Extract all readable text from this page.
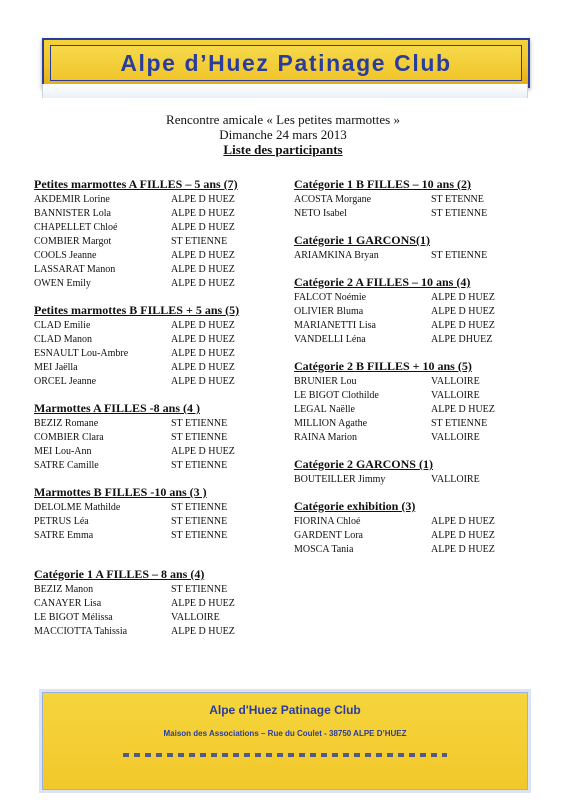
Alpe d’Huez Patinage Club
Rencontre amicale « Les petites marmottes »
Dimanche 24 mars 2013
Liste des participants
Petites marmottes A FILLES – 5 ans (7)
AKDEMIR Lorine	ALPE D HUEZ
BANNISTER Lola	ALPE D HUEZ
CHAPELLET Chloé	ALPE D HUEZ
COMBIER Margot	ST ETIENNE
COOLS Jeanne	ALPE D HUEZ
LASSARAT Manon	ALPE D HUEZ
OWEN Emily	ALPE D HUEZ
Petites marmottes B FILLES + 5 ans (5)
CLAD Emilie	ALPE D HUEZ
CLAD Manon	ALPE D HUEZ
ESNAULT Lou-Ambre	ALPE D HUEZ
MEI Jaëlla	ALPE D HUEZ
ORCEL Jeanne	ALPE D HUEZ
Marmottes A FILLES -8 ans (4 )
BEZIZ Romane	ST ETIENNE
COMBIER Clara	ST ETIENNE
MEI Lou-Ann	ALPE D HUEZ
SATRE Camille	ST ETIENNE
Marmottes B FILLES -10 ans (3 )
DELOLME Mathilde	ST ETIENNE
PETRUS Léa	ST ETIENNE
SATRE Emma	ST ETIENNE
Catégorie 1 A FILLES – 8 ans (4)
BEZIZ Manon	ST ETIENNE
CANAYER Lisa	ALPE D HUEZ
LE BIGOT Mélissa	VALLOIRE
MACCIOTTA Tahissia	ALPE D HUEZ
Catégorie 1 B FILLES – 10 ans (2)
ACOSTA Morgane	ST ETENNE
NETO Isabel	ST ETIENNE
Catégorie 1 GARCONS(1)
ARIAMKINA Bryan	ST ETIENNE
Catégorie 2 A FILLES – 10 ans (4)
FALCOT Noémie	ALPE D HUEZ
OLIVIER Bluma	ALPE D HUEZ
MARIANETTI Lisa	ALPE D HUEZ
VANDELLI Léna	ALPE DHUEZ
Catégorie 2 B FILLES + 10 ans (5)
BRUNIER Lou	VALLOIRE
LE BIGOT Clothilde	VALLOIRE
LEGAL Naëlle	ALPE D HUEZ
MILLION Agathe	ST ETIENNE
RAINA Marion	VALLOIRE
Catégorie 2 GARCONS (1)
BOUTEILLER Jimmy	VALLOIRE
Catégorie exhibition (3)
FIORINA Chloé	ALPE D HUEZ
GARDENT Lora	ALPE D HUEZ
MOSCA Tania	ALPE D HUEZ
Alpe d'Huez Patinage Club
Maison des Associations – Rue du Coulet - 38750 ALPE D’HUEZ
